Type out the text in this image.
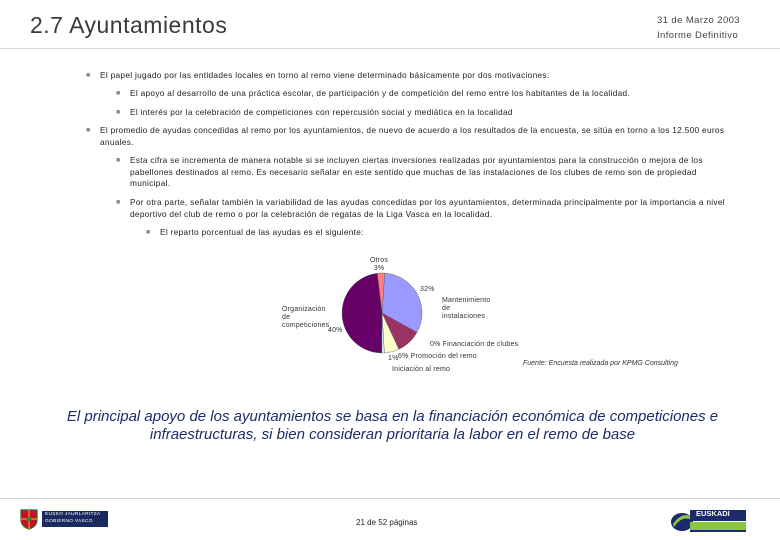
2.7 Ayuntamientos	31 de Marzo 2003
Informe Definitivo
■ El papel jugado por las entidades locales en torno al remo viene determinado básicamente por dos motivaciones:
■ El apoyo al desarrollo de una práctica escolar, de participación y de competición del remo entre los habitantes de la localidad.
■ El interés por la celebración de competiciones con repercusión social y mediática en la localidad
■ El promedio de ayudas concedidas al remo por los ayuntamientos, de nuevo de acuerdo a los resultados de la encuesta, se sitúa en torno a los 12.500 euros anuales.
■ Esta cifra se incrementa de manera notable si se incluyen ciertas inversiones realizadas por ayuntamientos para la construcción o mejora de los pabellones destinados al remo. Es necesario señalar en este sentido que muchas de las instalaciones de los clubes de remo son de propiedad municipal.
■ Por otra parte, señalar también la variabilidad de las ayudas concedidas por los ayuntamientos, determinada principalmente por la importancia a nivel deportivo del club de remo o por la celebración de regatas de la Liga Vasca en la localidad.
■ El reparto porcentual de las ayudas es el siguiente:
Otros
3%
32%
Mantenimiento
de
instalaciones
Organización
de
competiciones
40%
0% Financiación de clubes
1% 6% Promoción del remo
Iniciación al remo
Fuente: Encuesta realizada por KPMG Consulting
El principal apoyo de los ayuntamientos se basa en la financiación económica de competiciones e infraestructuras, si bien consideran prioritaria la labor en el remo de base
EUSKO JAURLARITZA
GOBIERNO VASCO	21 de 52 páginas
EUSKADI
